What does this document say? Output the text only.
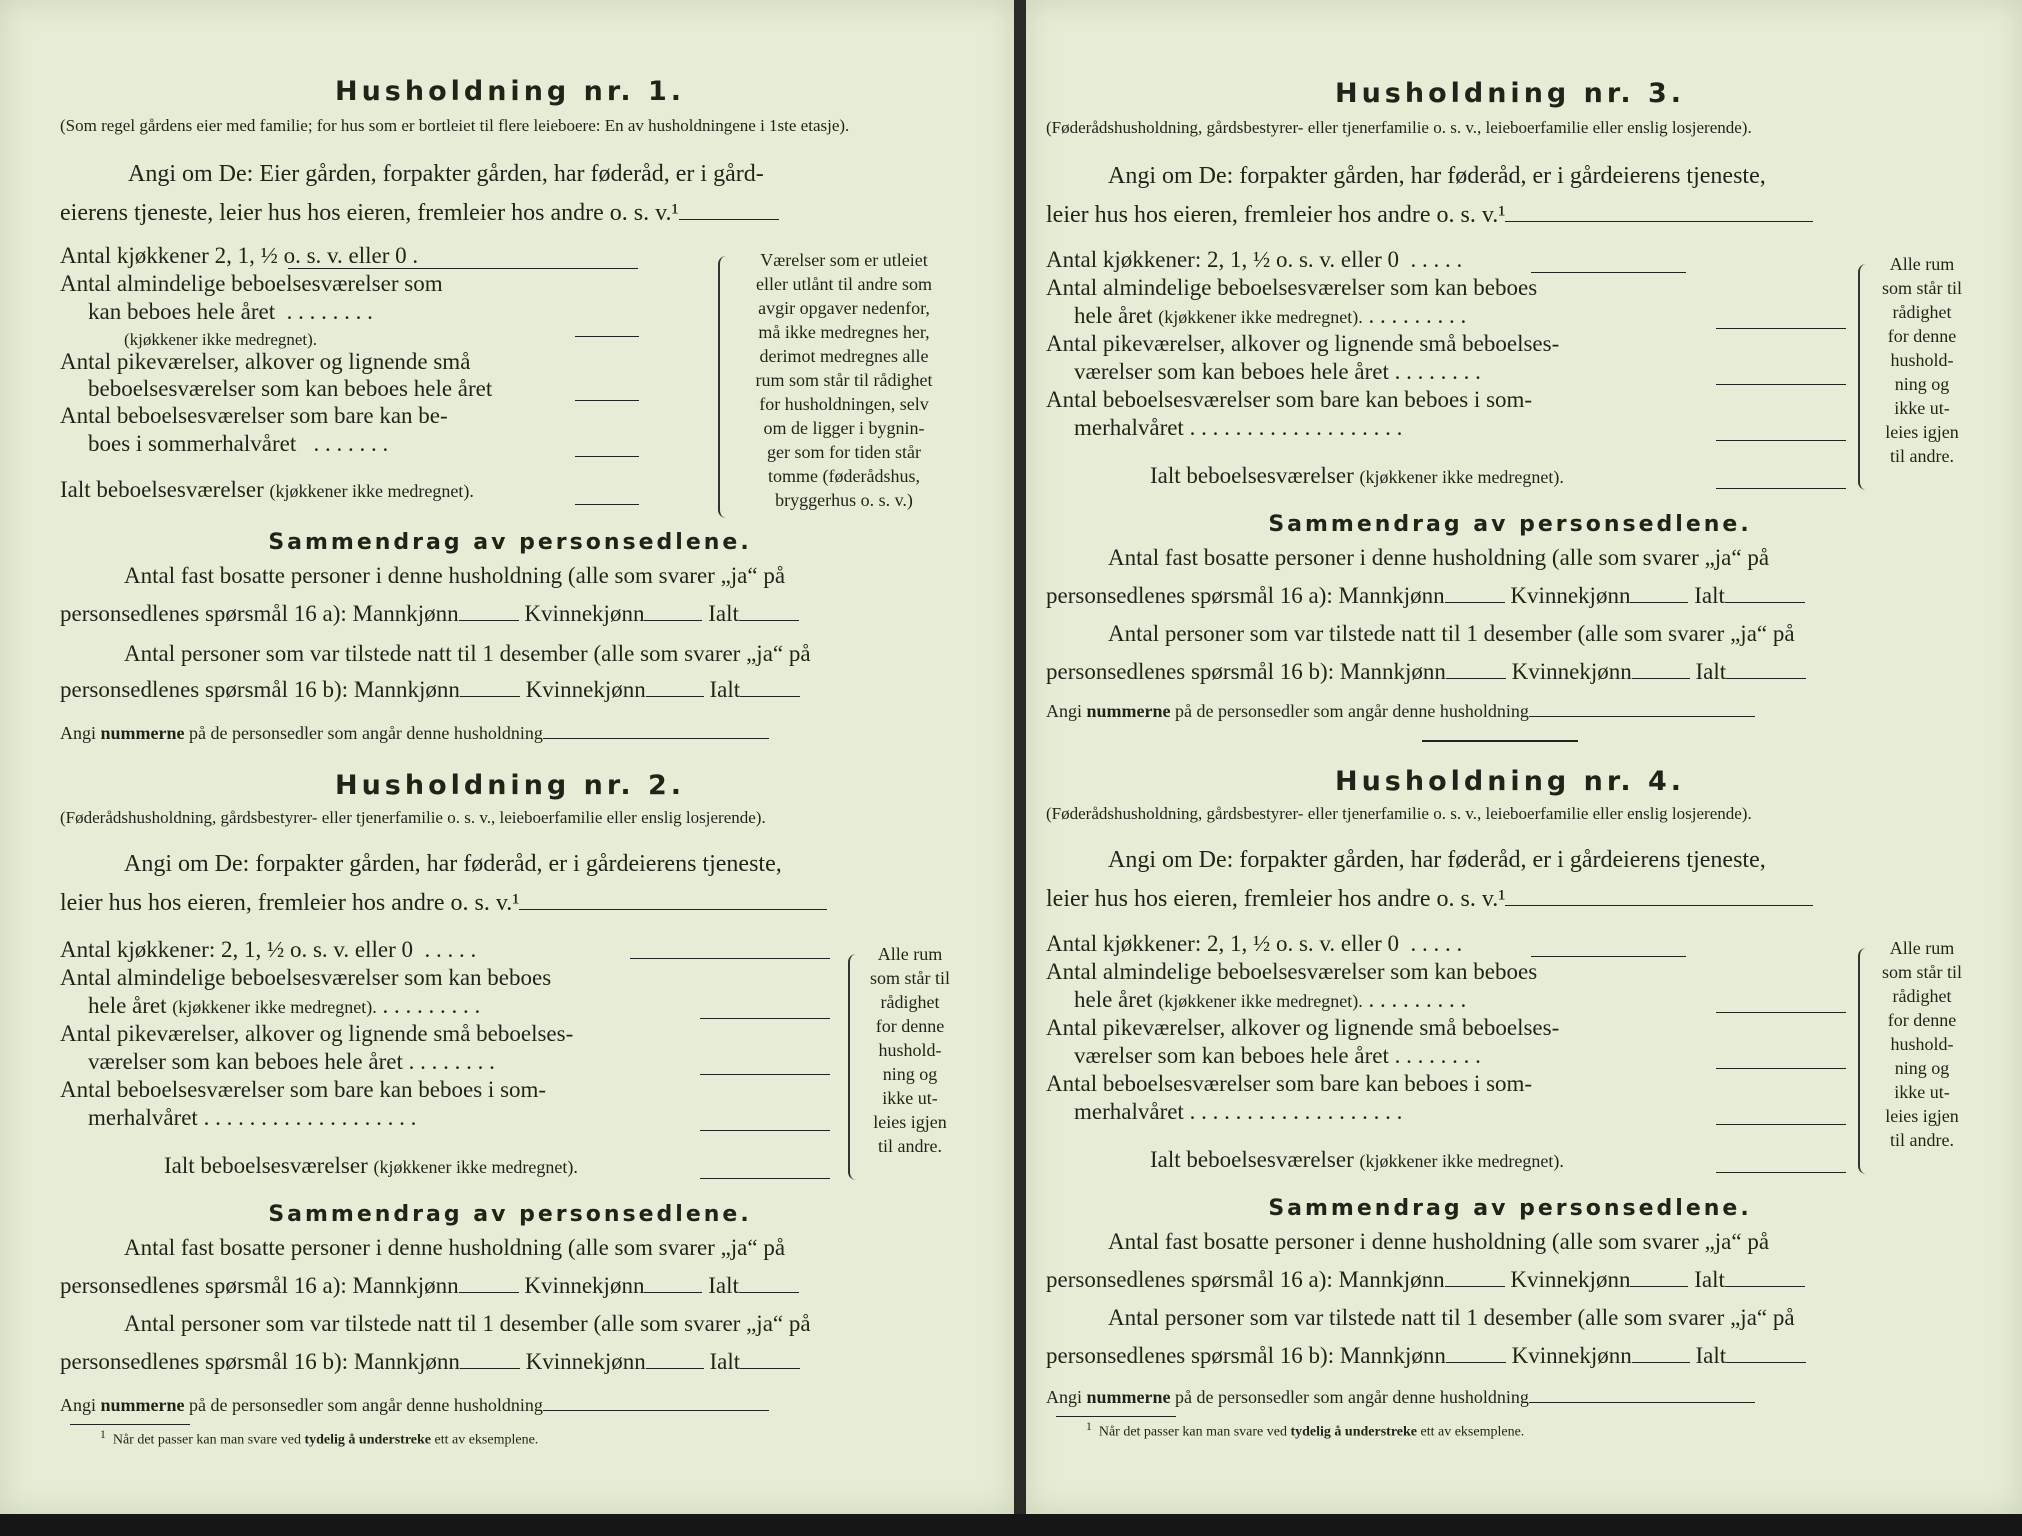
Husholdning nr. 1.
(Som regel gårdens eier med familie; for hus som er bortleiet til flere leieboere: En av husholdningene i 1ste etasje).
Angi om De: Eier gården, forpakter gården, har føderåd, er i gård-
eierens tjeneste, leier hus hos eieren, fremleier hos andre o. s. v.¹
Antal kjøkkener 2, 1, ½ o. s. v. eller 0 .
Antal almindelige beboelsesværelser som
kan beboes hele året  . . . . . . . .
(kjøkkener ikke medregnet).
Antal pikeværelser, alkover og lignende små
beboelsesværelser som kan beboes hele året
Antal beboelsesværelser som bare kan be-
boes i sommerhalvåret   . . . . . . .
Ialt beboelsesværelser (kjøkkener ikke medregnet).
Værelser som er utleiet
eller utlånt til andre som
avgir opgaver nedenfor,
må ikke medregnes her,
derimot medregnes alle
rum som står til rådighet
for husholdningen, selv
om de ligger i bygnin-
ger som for tiden står
tomme (føderådshus,
bryggerhus o. s. v.)
Sammendrag av personsedlene.
Antal fast bosatte personer i denne husholdning (alle som svarer „ja“ på
personsedlenes spørsmål 16 a): Mannkjønn	Kvinnekjønn	Ialt
Antal personer som var tilstede natt til 1 desember (alle som svarer „ja“ på
personsedlenes spørsmål 16 b): Mannkjønn	Kvinnekjønn	Ialt
Angi nummerne på de personsedler som angår denne husholdning
Husholdning nr. 2.
(Føderådshusholdning, gårdsbestyrer- eller tjenerfamilie o. s. v., leieboerfamilie eller enslig losjerende).
Angi om De: forpakter gården, har føderåd, er i gårdeierens tjeneste,
leier hus hos eieren, fremleier hos andre o. s. v.¹
Antal kjøkkener: 2, 1, ½ o. s. v. eller 0 . . . . .
Antal almindelige beboelsesværelser som kan beboes
hele året (kjøkkener ikke medregnet). . . . . . . . . .
Antal pikeværelser, alkover og lignende små beboelses-
værelser som kan beboes hele året . . . . . . . .
Antal beboelsesværelser som bare kan beboes i som-
merhalvåret . . . . . . . . . . . . . . . . . . .
Ialt beboelsesværelser (kjøkkener ikke medregnet).
Alle rum
som står til
rådighet
for denne
hushold-
ning og
ikke ut-
leies igjen
til andre.
Sammendrag av personsedlene.
Antal fast bosatte personer i denne husholdning (alle som svarer „ja“ på
personsedlenes spørsmål 16 a): Mannkjønn	Kvinnekjønn	Ialt
Antal personer som var tilstede natt til 1 desember (alle som svarer „ja“ på
personsedlenes spørsmål 16 b): Mannkjønn	Kvinnekjønn	Ialt
Angi nummerne på de personsedler som angår denne husholdning
$^1$ Når det passer kan man svare ved tydelig å understreke ett av eksemplene.
Husholdning nr. 3.
(Føderådshusholdning, gårdsbestyrer- eller tjenerfamilie o. s. v., leieboerfamilie eller enslig losjerende).
Angi om De: forpakter gården, har føderåd, er i gårdeierens tjeneste,
leier hus hos eieren, fremleier hos andre o. s. v.¹
Antal kjøkkener: 2, 1, ½ o. s. v. eller 0 . . . . .
Antal almindelige beboelsesværelser som kan beboes
hele året (kjøkkener ikke medregnet). . . . . . . . . .
Antal pikeværelser, alkover og lignende små beboelses-
værelser som kan beboes hele året . . . . . . . .
Antal beboelsesværelser som bare kan beboes i som-
merhalvåret . . . . . . . . . . . . . . . . . . .
Ialt beboelsesværelser (kjøkkener ikke medregnet).
Alle rum
som står til
rådighet
for denne
hushold-
ning og
ikke ut-
leies igjen
til andre.
Sammendrag av personsedlene.
Antal fast bosatte personer i denne husholdning (alle som svarer „ja“ på
personsedlenes spørsmål 16 a): Mannkjønn	Kvinnekjønn	Ialt
Antal personer som var tilstede natt til 1 desember (alle som svarer „ja“ på
personsedlenes spørsmål 16 b): Mannkjønn	Kvinnekjønn	Ialt
Angi nummerne på de personsedler som angår denne husholdning
Husholdning nr. 4.
(Føderådshusholdning, gårdsbestyrer- eller tjenerfamilie o. s. v., leieboerfamilie eller enslig losjerende).
Angi om De: forpakter gården, har føderåd, er i gårdeierens tjeneste,
leier hus hos eieren, fremleier hos andre o. s. v.¹
Antal kjøkkener: 2, 1, ½ o. s. v. eller 0 . . . . .
Antal almindelige beboelsesværelser som kan beboes
hele året (kjøkkener ikke medregnet). . . . . . . . . .
Antal pikeværelser, alkover og lignende små beboelses-
værelser som kan beboes hele året . . . . . . . .
Antal beboelsesværelser som bare kan beboes i som-
merhalvåret . . . . . . . . . . . . . . . . . . .
Ialt beboelsesværelser (kjøkkener ikke medregnet).
Alle rum
som står til
rådighet
for denne
hushold-
ning og
ikke ut-
leies igjen
til andre.
Sammendrag av personsedlene.
Antal fast bosatte personer i denne husholdning (alle som svarer „ja“ på
personsedlenes spørsmål 16 a): Mannkjønn	Kvinnekjønn	Ialt
Antal personer som var tilstede natt til 1 desember (alle som svarer „ja“ på
personsedlenes spørsmål 16 b): Mannkjønn	Kvinnekjønn	Ialt
Angi nummerne på de personsedler som angår denne husholdning
$^1$ Når det passer kan man svare ved tydelig å understreke ett av eksemplene.
